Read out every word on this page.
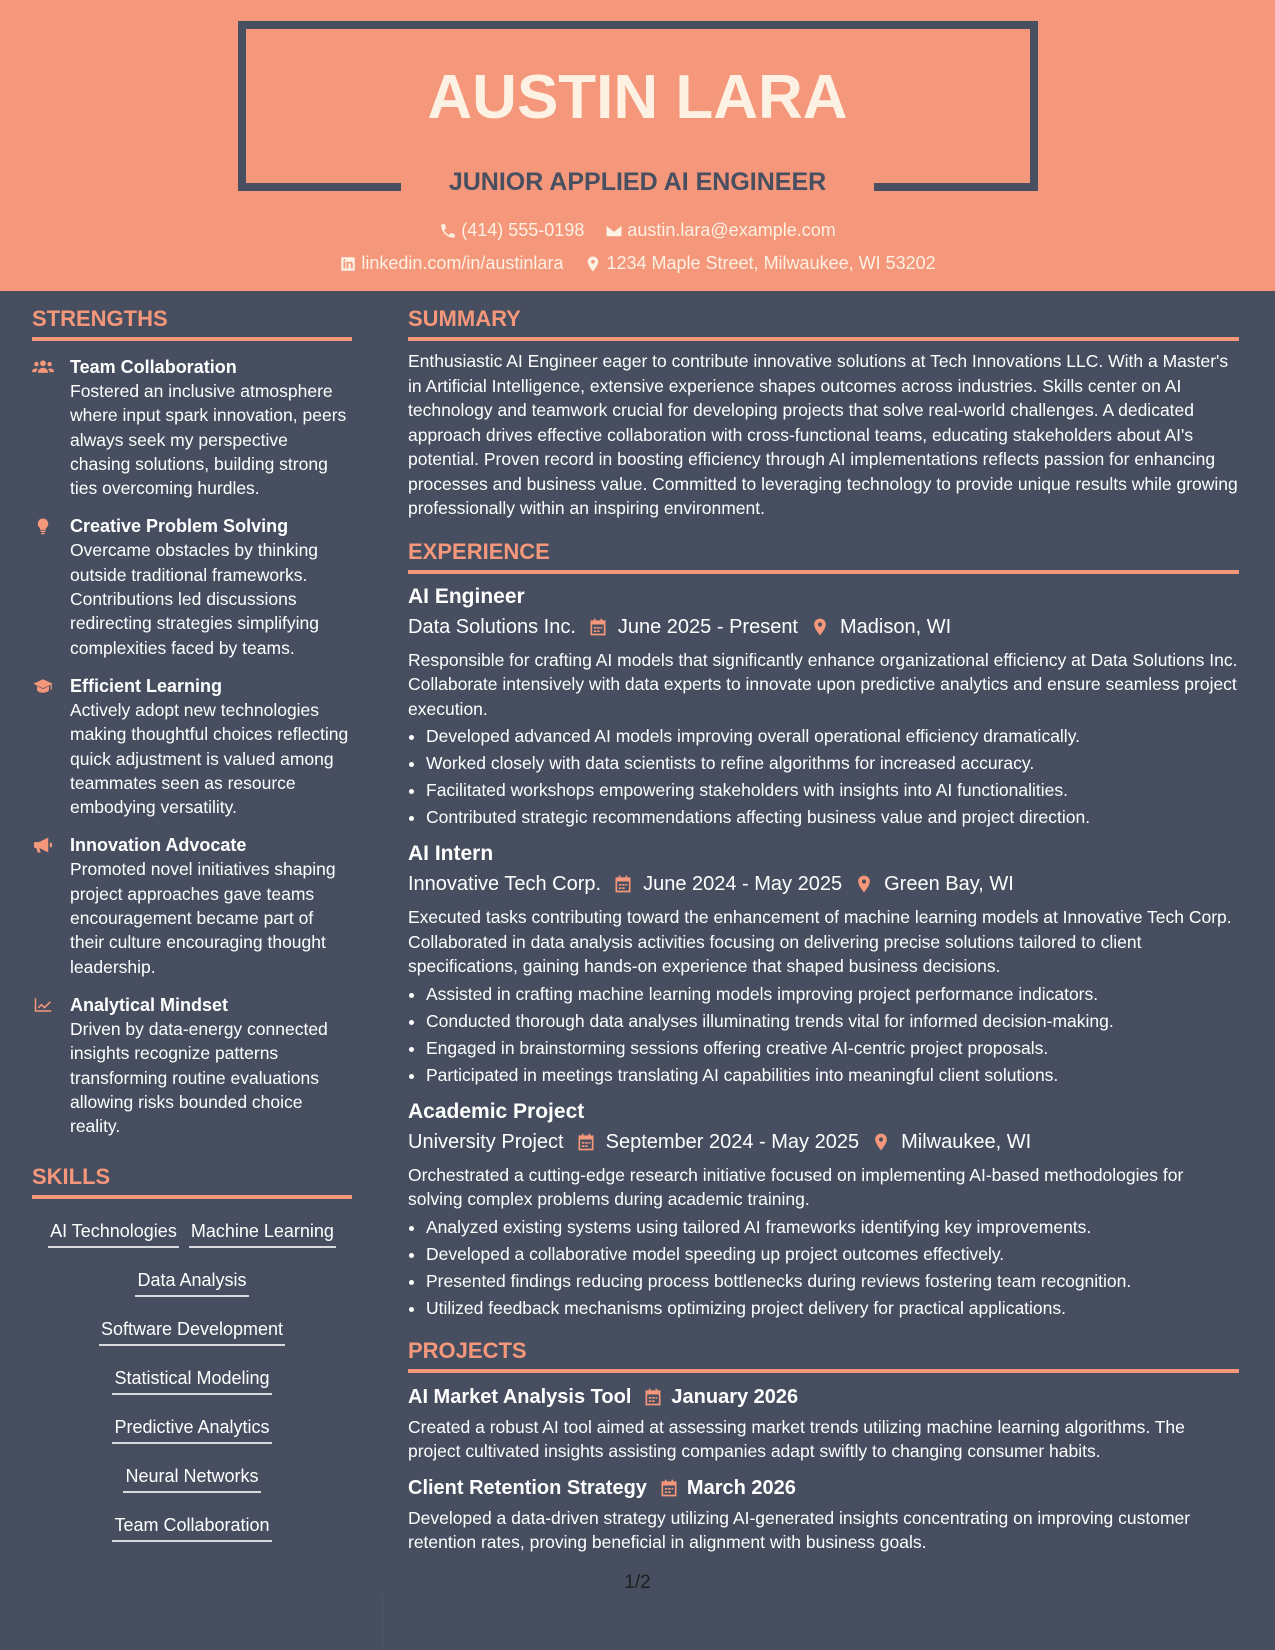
AUSTIN LARA
JUNIOR APPLIED AI ENGINEER
(414) 555-0198
austin.lara@example.com
linkedin.com/in/austinlara
1234 Maple Street, Milwaukee, WI 53202
STRENGTHS
Team Collaboration
Fostered an inclusive atmosphere where input spark innovation, peers always seek my perspective chasing solutions, building strong ties overcoming hurdles.
Creative Problem Solving
Overcame obstacles by thinking outside traditional frameworks. Contributions led discussions redirecting strategies simplifying complexities faced by teams.
Efficient Learning
Actively adopt new technologies making thoughtful choices reflecting quick adjustment is valued among teammates seen as resource embodying versatility.
Innovation Advocate
Promoted novel initiatives shaping project approaches gave teams encouragement became part of their culture encouraging thought leadership.
Analytical Mindset
Driven by data-energy connected insights recognize patterns transforming routine evaluations allowing risks bounded choice reality.
SKILLS
AI Technologies Machine Learning
Data Analysis
Software Development
Statistical Modeling
Predictive Analytics
Neural Networks
Team Collaboration
SUMMARY
Enthusiastic AI Engineer eager to contribute innovative solutions at Tech Innovations LLC. With a Master's in Artificial Intelligence, extensive experience shapes outcomes across industries. Skills center on AI technology and teamwork crucial for developing projects that solve real-world challenges. A dedicated approach drives effective collaboration with cross-functional teams, educating stakeholders about AI's potential. Proven record in boosting efficiency through AI implementations reflects passion for enhancing processes and business value. Committed to leveraging technology to provide unique results while growing professionally within an inspiring environment.
EXPERIENCE
AI Engineer
Data Solutions Inc. June 2025 - Present Madison, WI
Responsible for crafting AI models that significantly enhance organizational efficiency at Data Solutions Inc. Collaborate intensively with data experts to innovate upon predictive analytics and ensure seamless project execution.
• Developed advanced AI models improving overall operational efficiency dramatically.
• Worked closely with data scientists to refine algorithms for increased accuracy.
• Facilitated workshops empowering stakeholders with insights into AI functionalities.
• Contributed strategic recommendations affecting business value and project direction.
AI Intern
Innovative Tech Corp. June 2024 - May 2025 Green Bay, WI
Executed tasks contributing toward the enhancement of machine learning models at Innovative Tech Corp. Collaborated in data analysis activities focusing on delivering precise solutions tailored to client specifications, gaining hands-on experience that shaped business decisions.
• Assisted in crafting machine learning models improving project performance indicators.
• Conducted thorough data analyses illuminating trends vital for informed decision-making.
• Engaged in brainstorming sessions offering creative AI-centric project proposals.
• Participated in meetings translating AI capabilities into meaningful client solutions.
Academic Project
University Project September 2024 - May 2025 Milwaukee, WI
Orchestrated a cutting-edge research initiative focused on implementing AI-based methodologies for solving complex problems during academic training.
• Analyzed existing systems using tailored AI frameworks identifying key improvements.
• Developed a collaborative model speeding up project outcomes effectively.
• Presented findings reducing process bottlenecks during reviews fostering team recognition.
• Utilized feedback mechanisms optimizing project delivery for practical applications.
PROJECTS
AI Market Analysis Tool January 2026
Created a robust AI tool aimed at assessing market trends utilizing machine learning algorithms. The project cultivated insights assisting companies adapt swiftly to changing consumer habits.
Client Retention Strategy March 2026
Developed a data-driven strategy utilizing AI-generated insights concentrating on improving customer retention rates, proving beneficial in alignment with business goals.
1/2
